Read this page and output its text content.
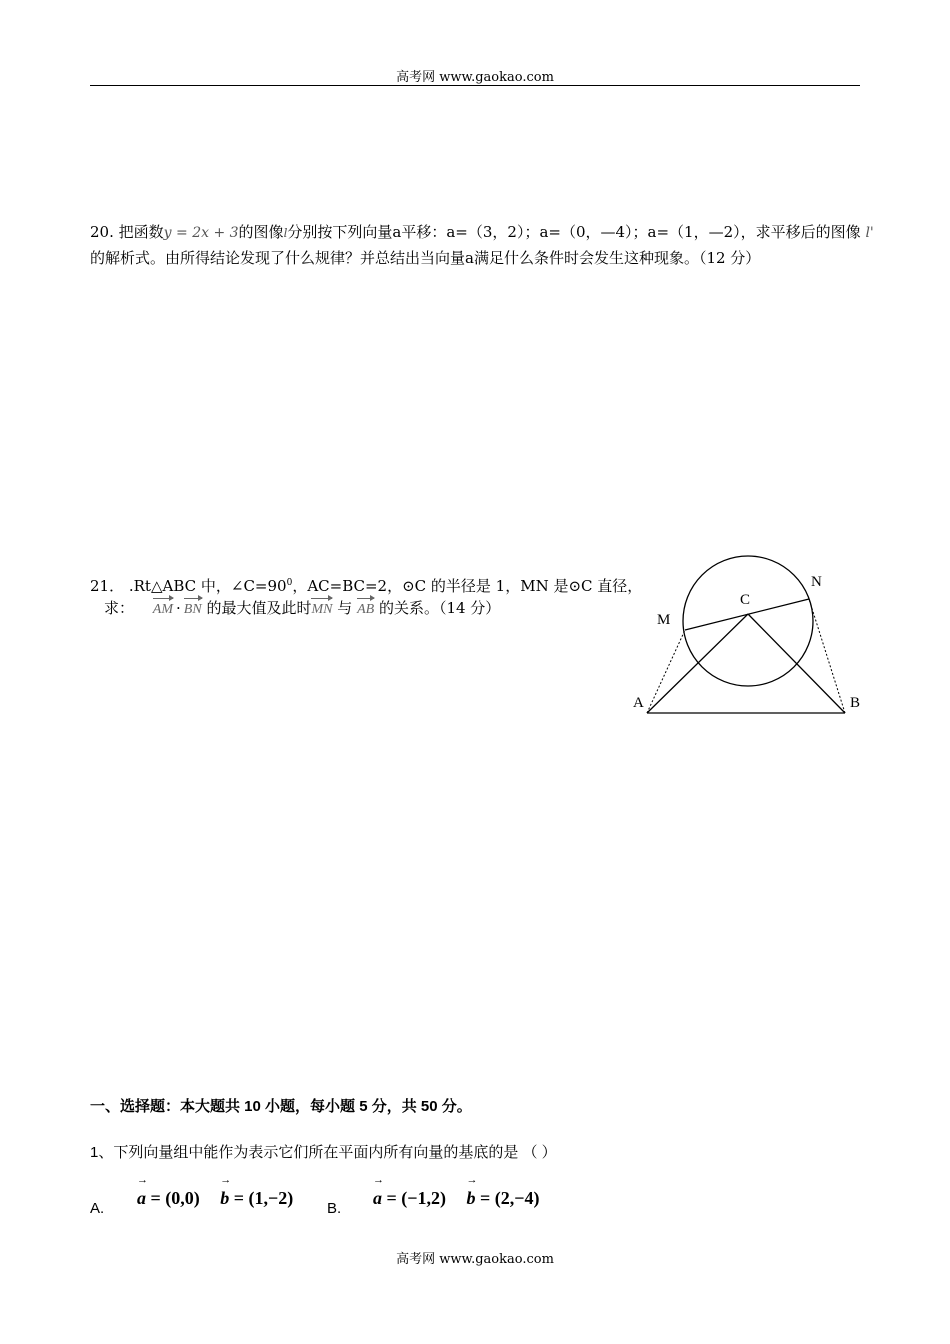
高考网 www.gaokao.com
20. 把函数y = 2x + 3的图像l分别按下列向量a平移：a=（3，2）；a=（0，—4）；a=（1，—2），求平移后的图像 l'
的解析式。由所得结论发现了什么规律？并总结出当向量a满足什么条件时会发生这种现象。（12 分）
21． .Rt△ABC 中，$\angle C=90^0$，AC=BC=2，⊙C 的半径是 1，MN 是⊙C 直径，
求： AM · BN 的最大值及此时MN 与 AB 的关系。（14 分）
M
N
C
A	B
一、选择题：本大题共 10 小题，每小题 5 分，共 50 分。
1、下列向量组中能作为表示它们所在平面内所有向量的基底的是 （ ）
A.
→ a = (0,0) → b = (1,−2)
B.
→ a = (−1,2) → b = (2,−4)
高考网 www.gaokao.com
